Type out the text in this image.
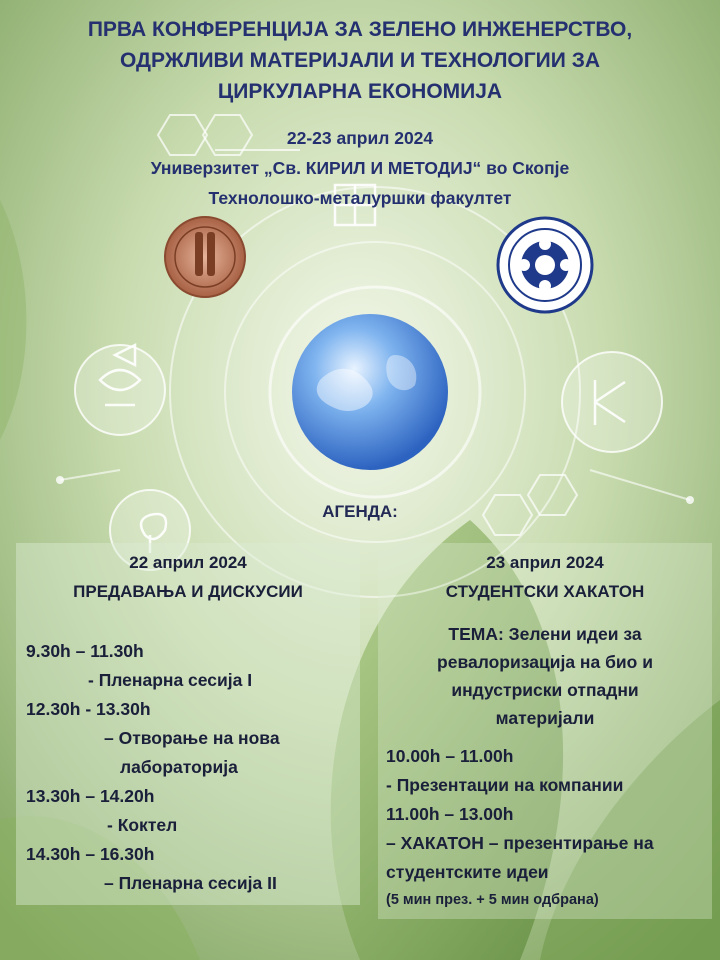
ПРВА КОНФЕРЕНЦИЈА ЗА ЗЕЛЕНО ИНЖЕНЕРСТВО,
ОДРЖЛИВИ МАТЕРИЈАЛИ И ТЕХНОЛОГИИ ЗА
ЦИРКУЛАРНА ЕКОНОМИЈА
22-23 април 2024
Универзитет „Св. КИРИЛ И МЕТОДИЈ“ во Скопје
Технолошко-металуршки факултет
АГЕНДА:
22 април 2024
ПРЕДАВАЊА И ДИСКУСИИ
9.30h – 11.30h
- Пленарна сесија I
12.30h - 13.30h
– Отворање на нова
лабораторија
13.30h – 14.20h
- Коктел
14.30h – 16.30h
– Пленарна сесија II
23 април 2024
СТУДЕНТСКИ ХАКАТОН
ТЕМА: Зелени идеи за
ревалоризација на био и
индустриски отпадни
материјали
10.00h – 11.00h
- Презентации на компании
11.00h – 13.00h
– ХАКАТОН – презентирање на
студентските идеи
(5 мин през. + 5 мин одбрана)
